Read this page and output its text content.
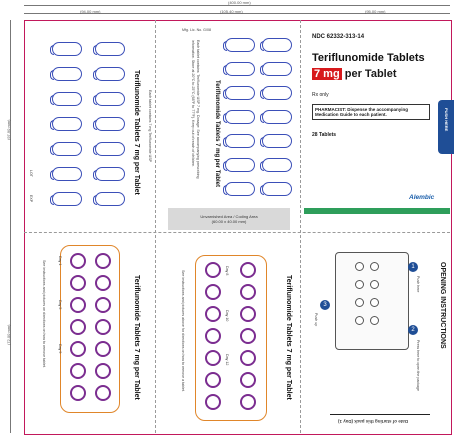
(400.00 mm)
(94.00 mm)	(105.40 mm)	(95.00 mm)
(97.90 mm)
(72.00 mm)
Teriflunomide Tablets 7 mg per Tablet Each tablet contains 7 mg Teriflunomide USP
LOT
EXP
Mfg. Lic. No. G/08
Teriflunomide Tablets 7 mg per Tablet
Each tablet contains: Teriflunomide USP 7 mg. Dosage: See accompanying prescribing information. Store at 20°C to 25°C (68°F to 77°F). Keep out of reach of children.
Unvarnished Area / Coding Area
(60.00 x 40.00 mm)
Day 1
Day 5
Day 9	Teriflunomide Tablets 7 mg per Tablet
See instructions and pictures on directions on how to remove tablet.	Day 8
Day 10
Day 12	Teriflunomide Tablets 7 mg per Tablet
See instructions and pictures above for directions on how to remove a tablet.
NDC 62332-313-14
Teriflunomide Tablets
7 mg per Tablet
Rx only
PHARMACIST: Dispense the accompanying Medication Guide to each patient.
28 Tablets
Alembic
PUSH HERE
1
Push here
2
Press here to open the package
3
Push up	OPENING INSTRUCTIONS
Date of starting this pack (Day 1)
